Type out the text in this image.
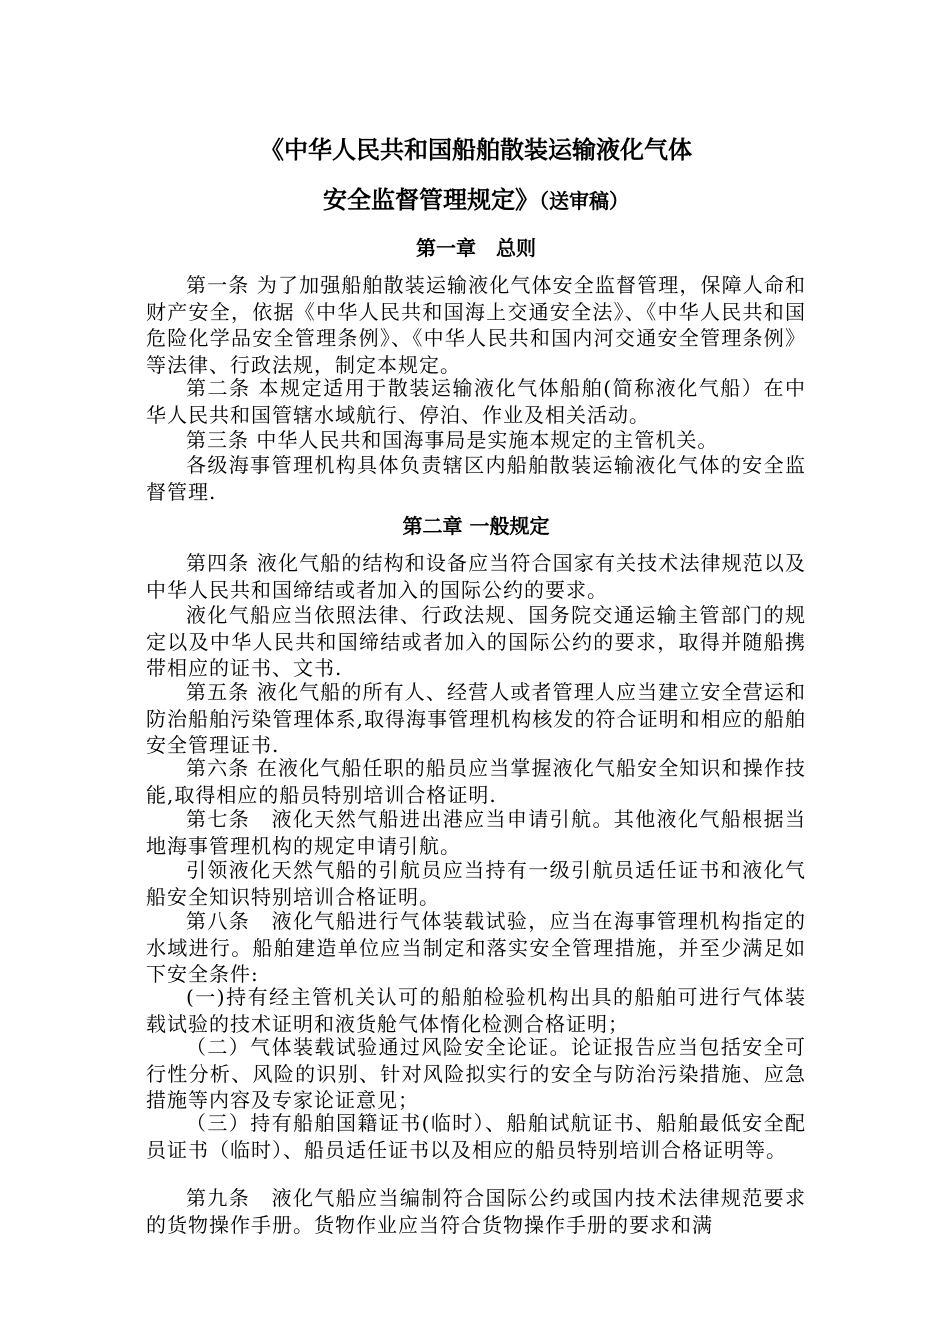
《中华人民共和国船舶散装运输液化气体
安全监督管理规定》（送审稿）
第一章　总则
第一条 为了加强船舶散装运输液化气体安全监督管理，保障人命和财产安全，依据《中华人民共和国海上交通安全法》、《中华人民共和国危险化学品安全管理条例》、《中华人民共和国内河交通安全管理条例》等法律、行政法规，制定本规定。
第二条 本规定适用于散装运输液化气体船舶(简称液化气船）在中华人民共和国管辖水域航行、停泊、作业及相关活动。
第三条 中华人民共和国海事局是实施本规定的主管机关。
各级海事管理机构具体负责辖区内船舶散装运输液化气体的安全监督管理.
第二章 一般规定
第四条 液化气船的结构和设备应当符合国家有关技术法律规范以及中华人民共和国缔结或者加入的国际公约的要求。
液化气船应当依照法律、行政法规、国务院交通运输主管部门的规定以及中华人民共和国缔结或者加入的国际公约的要求，取得并随船携带相应的证书、文书.
第五条 液化气船的所有人、经营人或者管理人应当建立安全营运和防治船舶污染管理体系,取得海事管理机构核发的符合证明和相应的船舶安全管理证书.
第六条 在液化气船任职的船员应当掌握液化气船安全知识和操作技能,取得相应的船员特别培训合格证明.
第七条　液化天然气船进出港应当申请引航。其他液化气船根据当地海事管理机构的规定申请引航。
引领液化天然气船的引航员应当持有一级引航员适任证书和液化气船安全知识特别培训合格证明。
第八条　液化气船进行气体装载试验，应当在海事管理机构指定的水域进行。船舶建造单位应当制定和落实安全管理措施，并至少满足如下安全条件:
(一)持有经主管机关认可的船舶检验机构出具的船舶可进行气体装载试验的技术证明和液货舱气体惰化检测合格证明；
（二）气体装载试验通过风险安全论证。论证报告应当包括安全可行性分析、风险的识别、针对风险拟实行的安全与防治污染措施、应急措施等内容及专家论证意见；
（三）持有船舶国籍证书(临时）、船舶试航证书、船舶最低安全配员证书（临时）、船员适任证书以及相应的船员特别培训合格证明等。
第九条　液化气船应当编制符合国际公约或国内技术法律规范要求的货物操作手册。货物作业应当符合货物操作手册的要求和满
